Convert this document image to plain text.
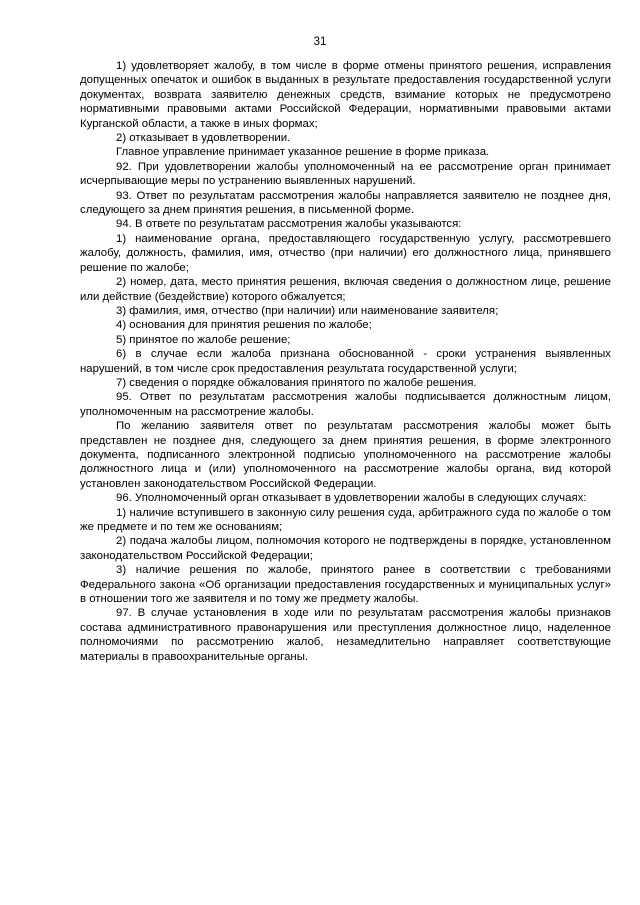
31

1) удовлетворяет жалобу, в том числе в форме отмены принятого решения, исправления допущенных опечаток и ошибок в выданных в результате предоставления государственной услуги документах, возврата заявителю денежных средств, взимание которых не предусмотрено нормативными правовыми актами Российской Федерации, нормативными правовыми актами Курганской области, а также в иных формах;

2) отказывает в удовлетворении.

Главное управление принимает указанное решение в форме приказа.

92. При удовлетворении жалобы уполномоченный на ее рассмотрение орган принимает исчерпывающие меры по устранению выявленных нарушений.

93. Ответ по результатам рассмотрения жалобы направляется заявителю не позднее дня, следующего за днем принятия решения, в письменной форме.

94. В ответе по результатам рассмотрения жалобы указываются:

1) наименование органа, предоставляющего государственную услугу, рассмотревшего жалобу, должность, фамилия, имя, отчество (при наличии) его должностного лица, принявшего решение по жалобе;

2) номер, дата, место принятия решения, включая сведения о должностном лице, решение или действие (бездействие) которого обжалуется;

3) фамилия, имя, отчество (при наличии) или наименование заявителя;

4) основания для принятия решения по жалобе;

5) принятое по жалобе решение;

6) в случае если жалоба признана обоснованной - сроки устранения выявленных нарушений, в том числе срок предоставления результата государственной услуги;

7) сведения о порядке обжалования принятого по жалобе решения.

95. Ответ по результатам рассмотрения жалобы подписывается должностным лицом, уполномоченным на рассмотрение жалобы.

По желанию заявителя ответ по результатам рассмотрения жалобы может быть представлен не позднее дня, следующего за днем принятия решения, в форме электронного документа, подписанного электронной подписью уполномоченного на рассмотрение жалобы должностного лица и (или) уполномоченного на рассмотрение жалобы органа, вид которой установлен законодательством Российской Федерации.

96. Уполномоченный орган отказывает в удовлетворении жалобы в следующих случаях:

1) наличие вступившего в законную силу решения суда, арбитражного суда по жалобе о том же предмете и по тем же основаниям;

2) подача жалобы лицом, полномочия которого не подтверждены в порядке, установленном законодательством Российской Федерации;

3) наличие решения по жалобе, принятого ранее в соответствии с требованиями Федерального закона «Об организации предоставления государственных и муниципальных услуг» в отношении того же заявителя и по тому же предмету жалобы.

97. В случае установления в ходе или по результатам рассмотрения жалобы признаков состава административного правонарушения или преступления должностное лицо, наделенное полномочиями по рассмотрению жалоб, незамедлительно направляет соответствующие материалы в правоохранительные органы.
